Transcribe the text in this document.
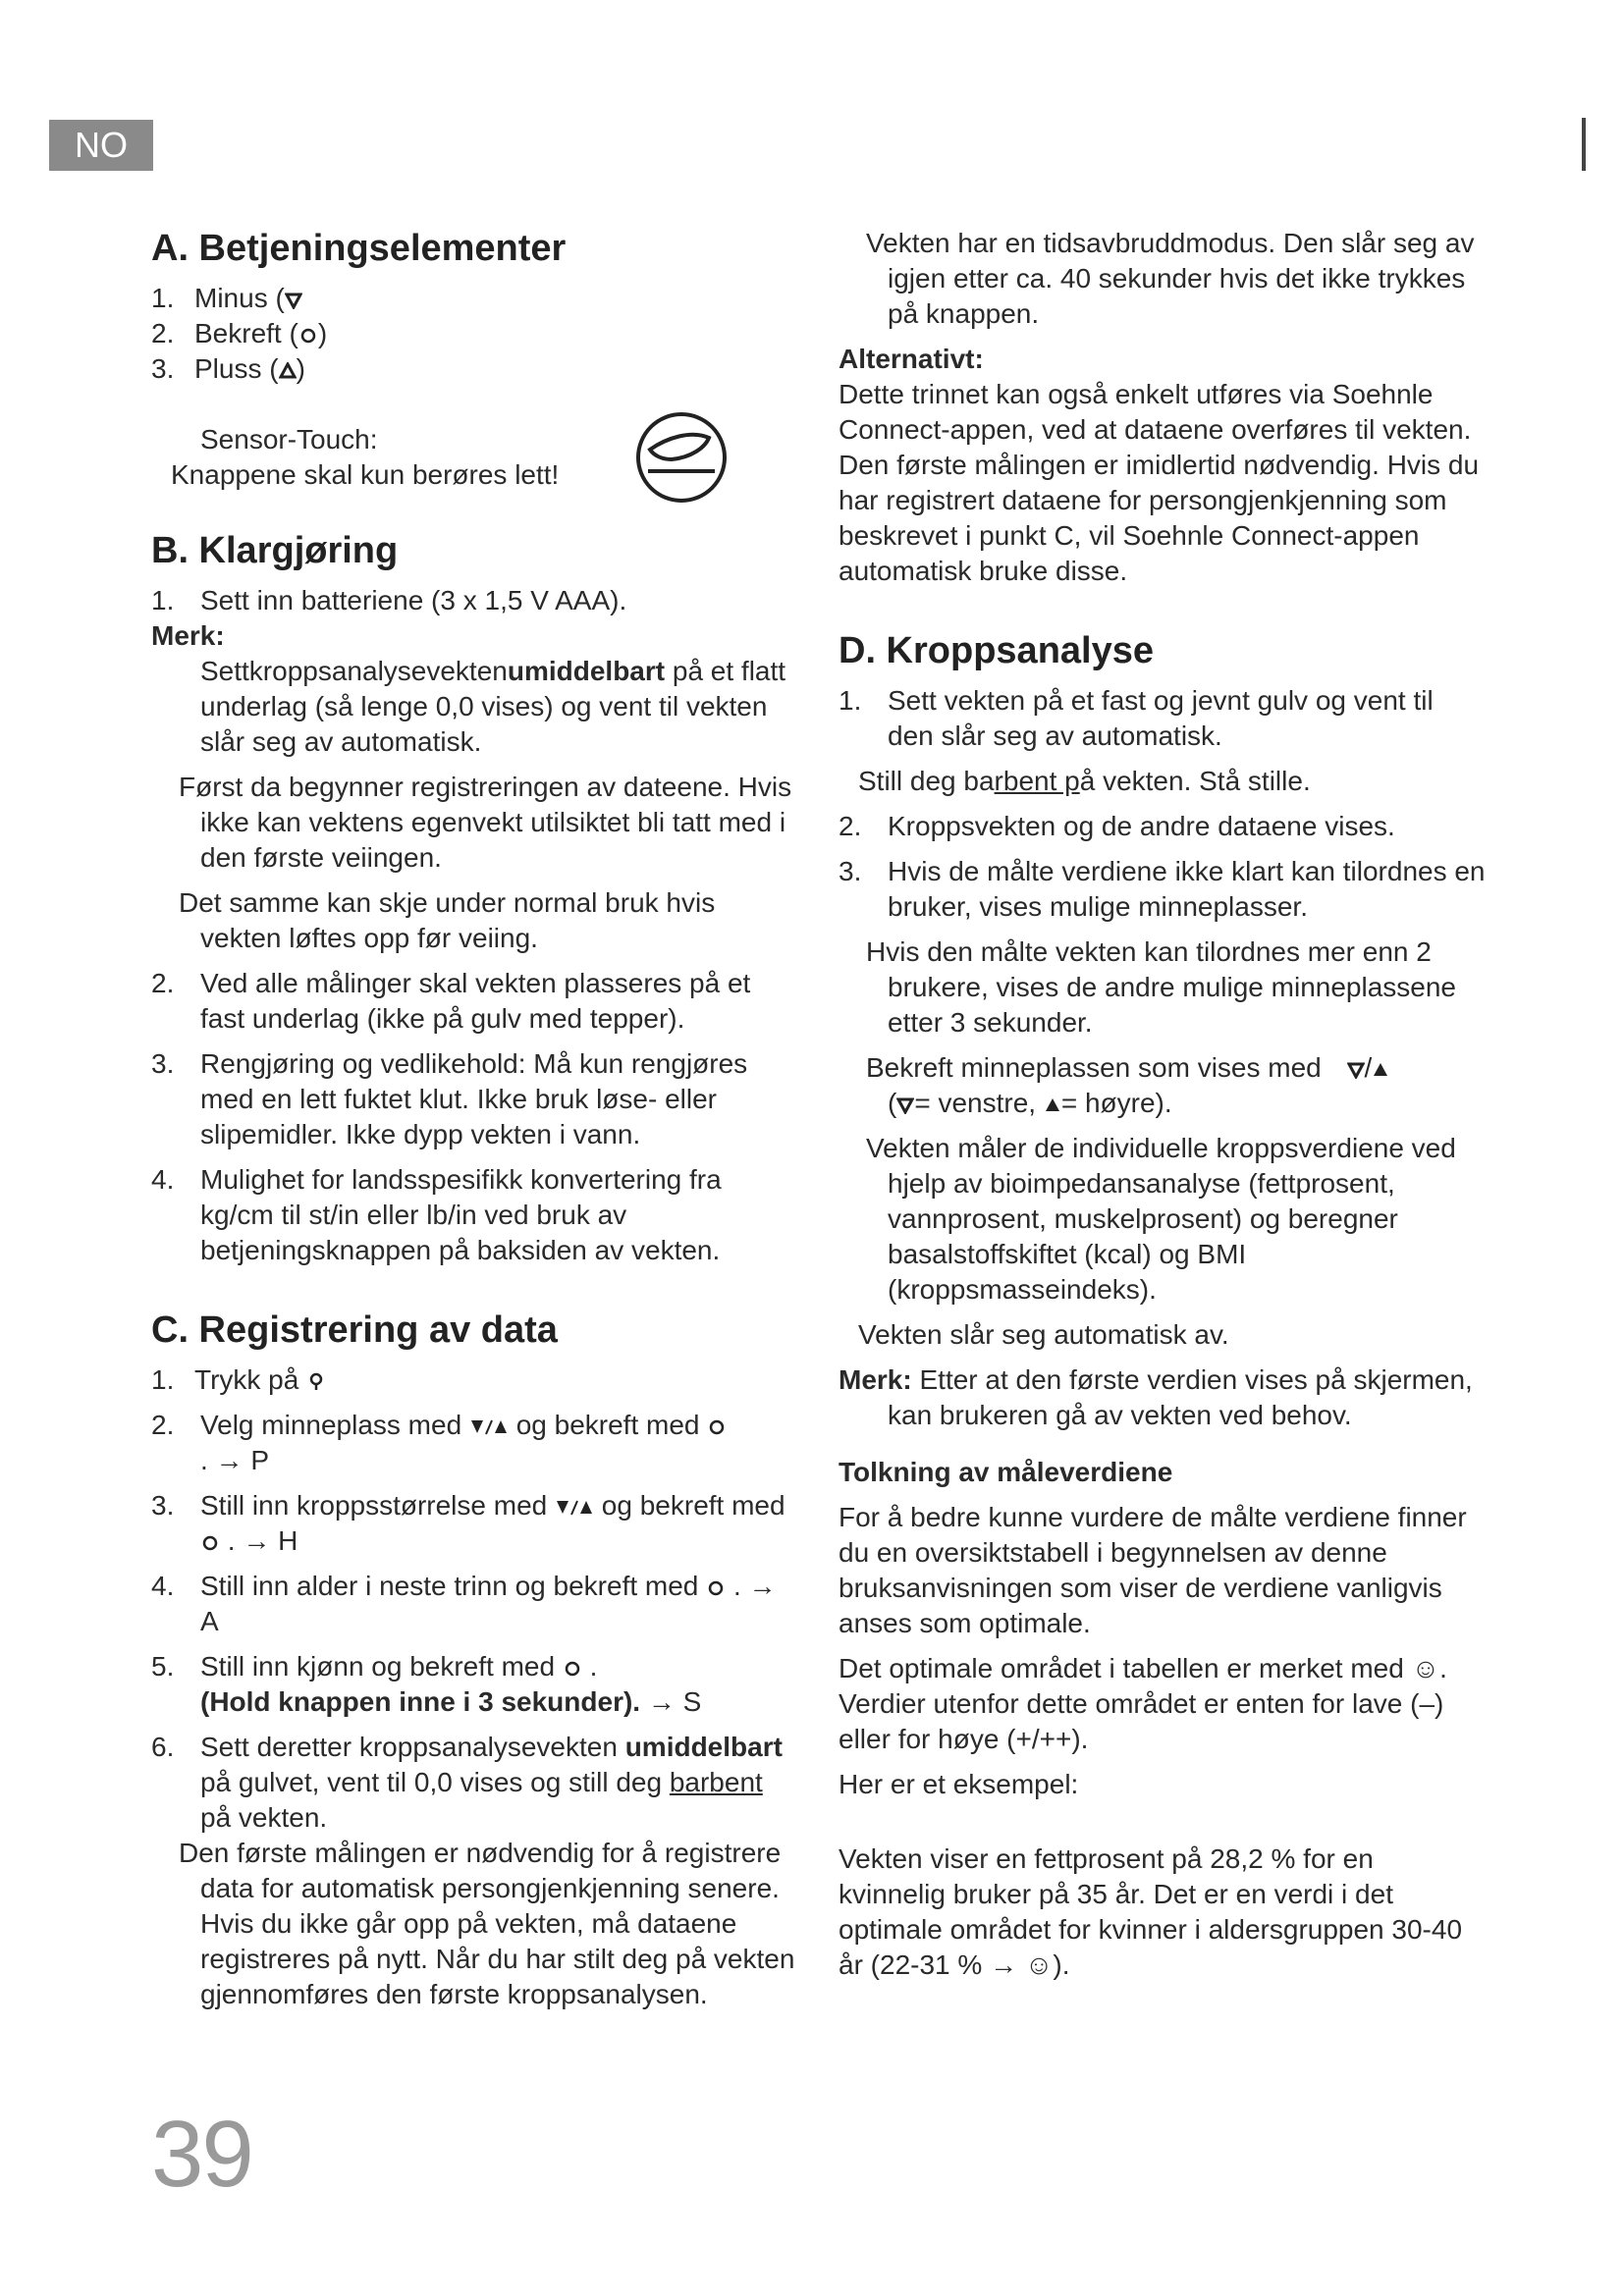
NO
A. Betjeningselementer
1. Minus (
2. Bekreft ( )
3. Pluss ( )

Sensor-Touch:

Knappene skal kun berøres lett!

B. Klargjøring
1. Sett inn batteriene (3 x 1,5 V AAA).

Merk:

Settkroppsanalysevektenumiddelbart på et flatt underlag (så lenge 0,0 vises) og vent til vekten slår seg av automatisk.

Først da begynner registreringen av dateene. Hvis ikke kan vektens egenvekt utilsiktet bli tatt med i den første veiingen.

Det samme kan skje under normal bruk hvis vekten løftes opp før veiing.

2. Ved alle målinger skal vekten plasseres på et fast underlag (ikke på gulv med tepper).
3. Rengjøring og vedlikehold: Må kun rengjøres med en lett fuktet klut. Ikke bruk løse- eller slipemidler. Ikke dypp vekten i vann.
4. Mulighet for landsspesifikk konvertering fra kg/cm til st/in eller lb/in ved bruk av betjeningsknappen på baksiden av vekten.
C. Registrering av data
1. Trykk på
2. Velg minneplass med og bekreft med
. → P
3. Still inn kroppsstørrelse med og bekreft med  . → H
4. Still inn alder i neste trinn og bekreft med . → A
5. Still inn kjønn og bekreft med .
(Hold knappen inne i 3 sekunder). → S
6. Sett deretter kroppsanalysevekten umiddelbart på gulvet, vent til 0,0 vises og still deg barbent på vekten.

Den første målingen er nødvendig for å registrere data for automatisk persongjenkjenning senere. Hvis du ikke går opp på vekten, må dataene registreres på nytt. Når du har stilt deg på vekten gjennomføres den første kroppsanalysen.

Vekten har en tidsavbruddmodus. Den slår seg av igjen etter ca. 40 sekunder hvis det ikke trykkes på knappen.

Alternativt:

Dette trinnet kan også enkelt utføres via Soehnle Connect-appen, ved at dataene overføres til vekten. Den første målingen er imidlertid nødvendig. Hvis du har registrert dataene for persongjenkjenning som beskrevet i punkt C, vil Soehnle Connect-appen automatisk bruke disse.

D. Kroppsanalyse
1. Sett vekten på et fast og jevnt gulv og vent til den slår seg av automatisk.

Still deg barbent på vekten. Stå stille.

2. Kroppsvekten og de andre dataene vises.
3. Hvis de målte verdiene ikke klart kan tilordnes en bruker, vises mulige minneplasser.

Hvis den målte vekten kan tilordnes mer enn 2 brukere, vises de andre mulige minneplassene etter 3 sekunder.

Bekreft minneplassen som vises med /
( = venstre, = høyre).

Vekten måler de individuelle kroppsverdiene ved hjelp av bioimpedansanalyse (fettprosent, vannprosent, muskelprosent) og beregner basalstoffskiftet (kcal) og BMI (kroppsmasseindeks).

Vekten slår seg automatisk av.

Merk: Etter at den første verdien vises på skjermen, kan brukeren gå av vekten ved behov.

Tolkning av måleverdiene

For å bedre kunne vurdere de målte verdiene finner du en oversiktstabell i begynnelsen av denne bruksanvisningen som viser de verdiene vanligvis anses som optimale.

Det optimale området i tabellen er merket med ☺. Verdier utenfor dette området er enten for lave (–) eller for høye (+/++).

Her er et eksempel:

Vekten viser en fettprosent på 28,2 % for en kvinnelig bruker på 35 år. Det er en verdi i det optimale området for kvinner i aldersgruppen 30-40 år (22-31 % → ☺).

39
